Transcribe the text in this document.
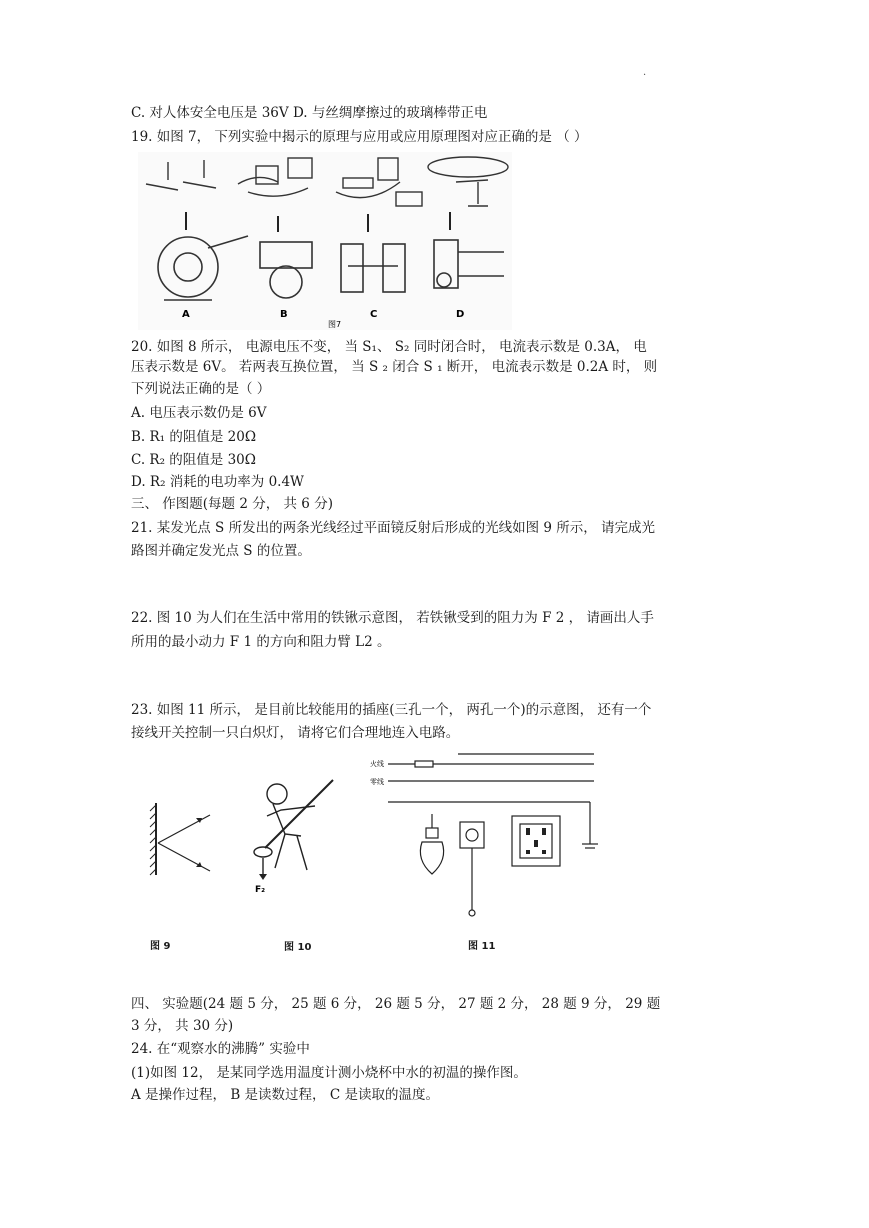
·
C. 对人体安全电压是 36V D. 与丝绸摩擦过的玻璃棒带正电
19. 如图 7， 下列实验中揭示的原理与应用或应用原理图对应正确的是 （ ）
A	B	C	D
图7
20. 如图 8 所示， 电源电压不变， 当 S₁、 S₂ 同时闭合时， 电流表示数是 0.3A， 电
压表示数是 6V。 若两表互换位置， 当 S ₂ 闭合 S ₁ 断开， 电流表示数是 0.2A 时， 则
下列说法正确的是（ ）
A. 电压表示数仍是 6V
B. R₁ 的阻值是 20Ω
C. R₂ 的阻值是 30Ω
D. R₂ 消耗的电功率为 0.4W
三、 作图题(每题 2 分， 共 6 分)
21. 某发光点 S 所发出的两条光线经过平面镜反射后形成的光线如图 9 所示， 请完成光
路图并确定发光点 S 的位置。
22. 图 10 为人们在生活中常用的铁锹示意图， 若铁锹受到的阻力为 F 2 ， 请画出人手
所用的最小动力 F 1 的方向和阻力臂 L2 。
23. 如图 11 所示， 是目前比较能用的插座(三孔一个， 两孔一个)的示意图， 还有一个
接线开关控制一只白炽灯， 请将它们合理地连入电路。
图 9
F₂
图 10
火线
零线
图 11
四、 实验题(24 题 5 分， 25 题 6 分， 26 题 5 分， 27 题 2 分， 28 题 9 分， 29 题
3 分， 共 30 分)
24. 在“观察水的沸腾” 实验中
(1)如图 12， 是某同学选用温度计测小烧杯中水的初温的操作图。
A 是操作过程， B 是读数过程， C 是读取的温度。
